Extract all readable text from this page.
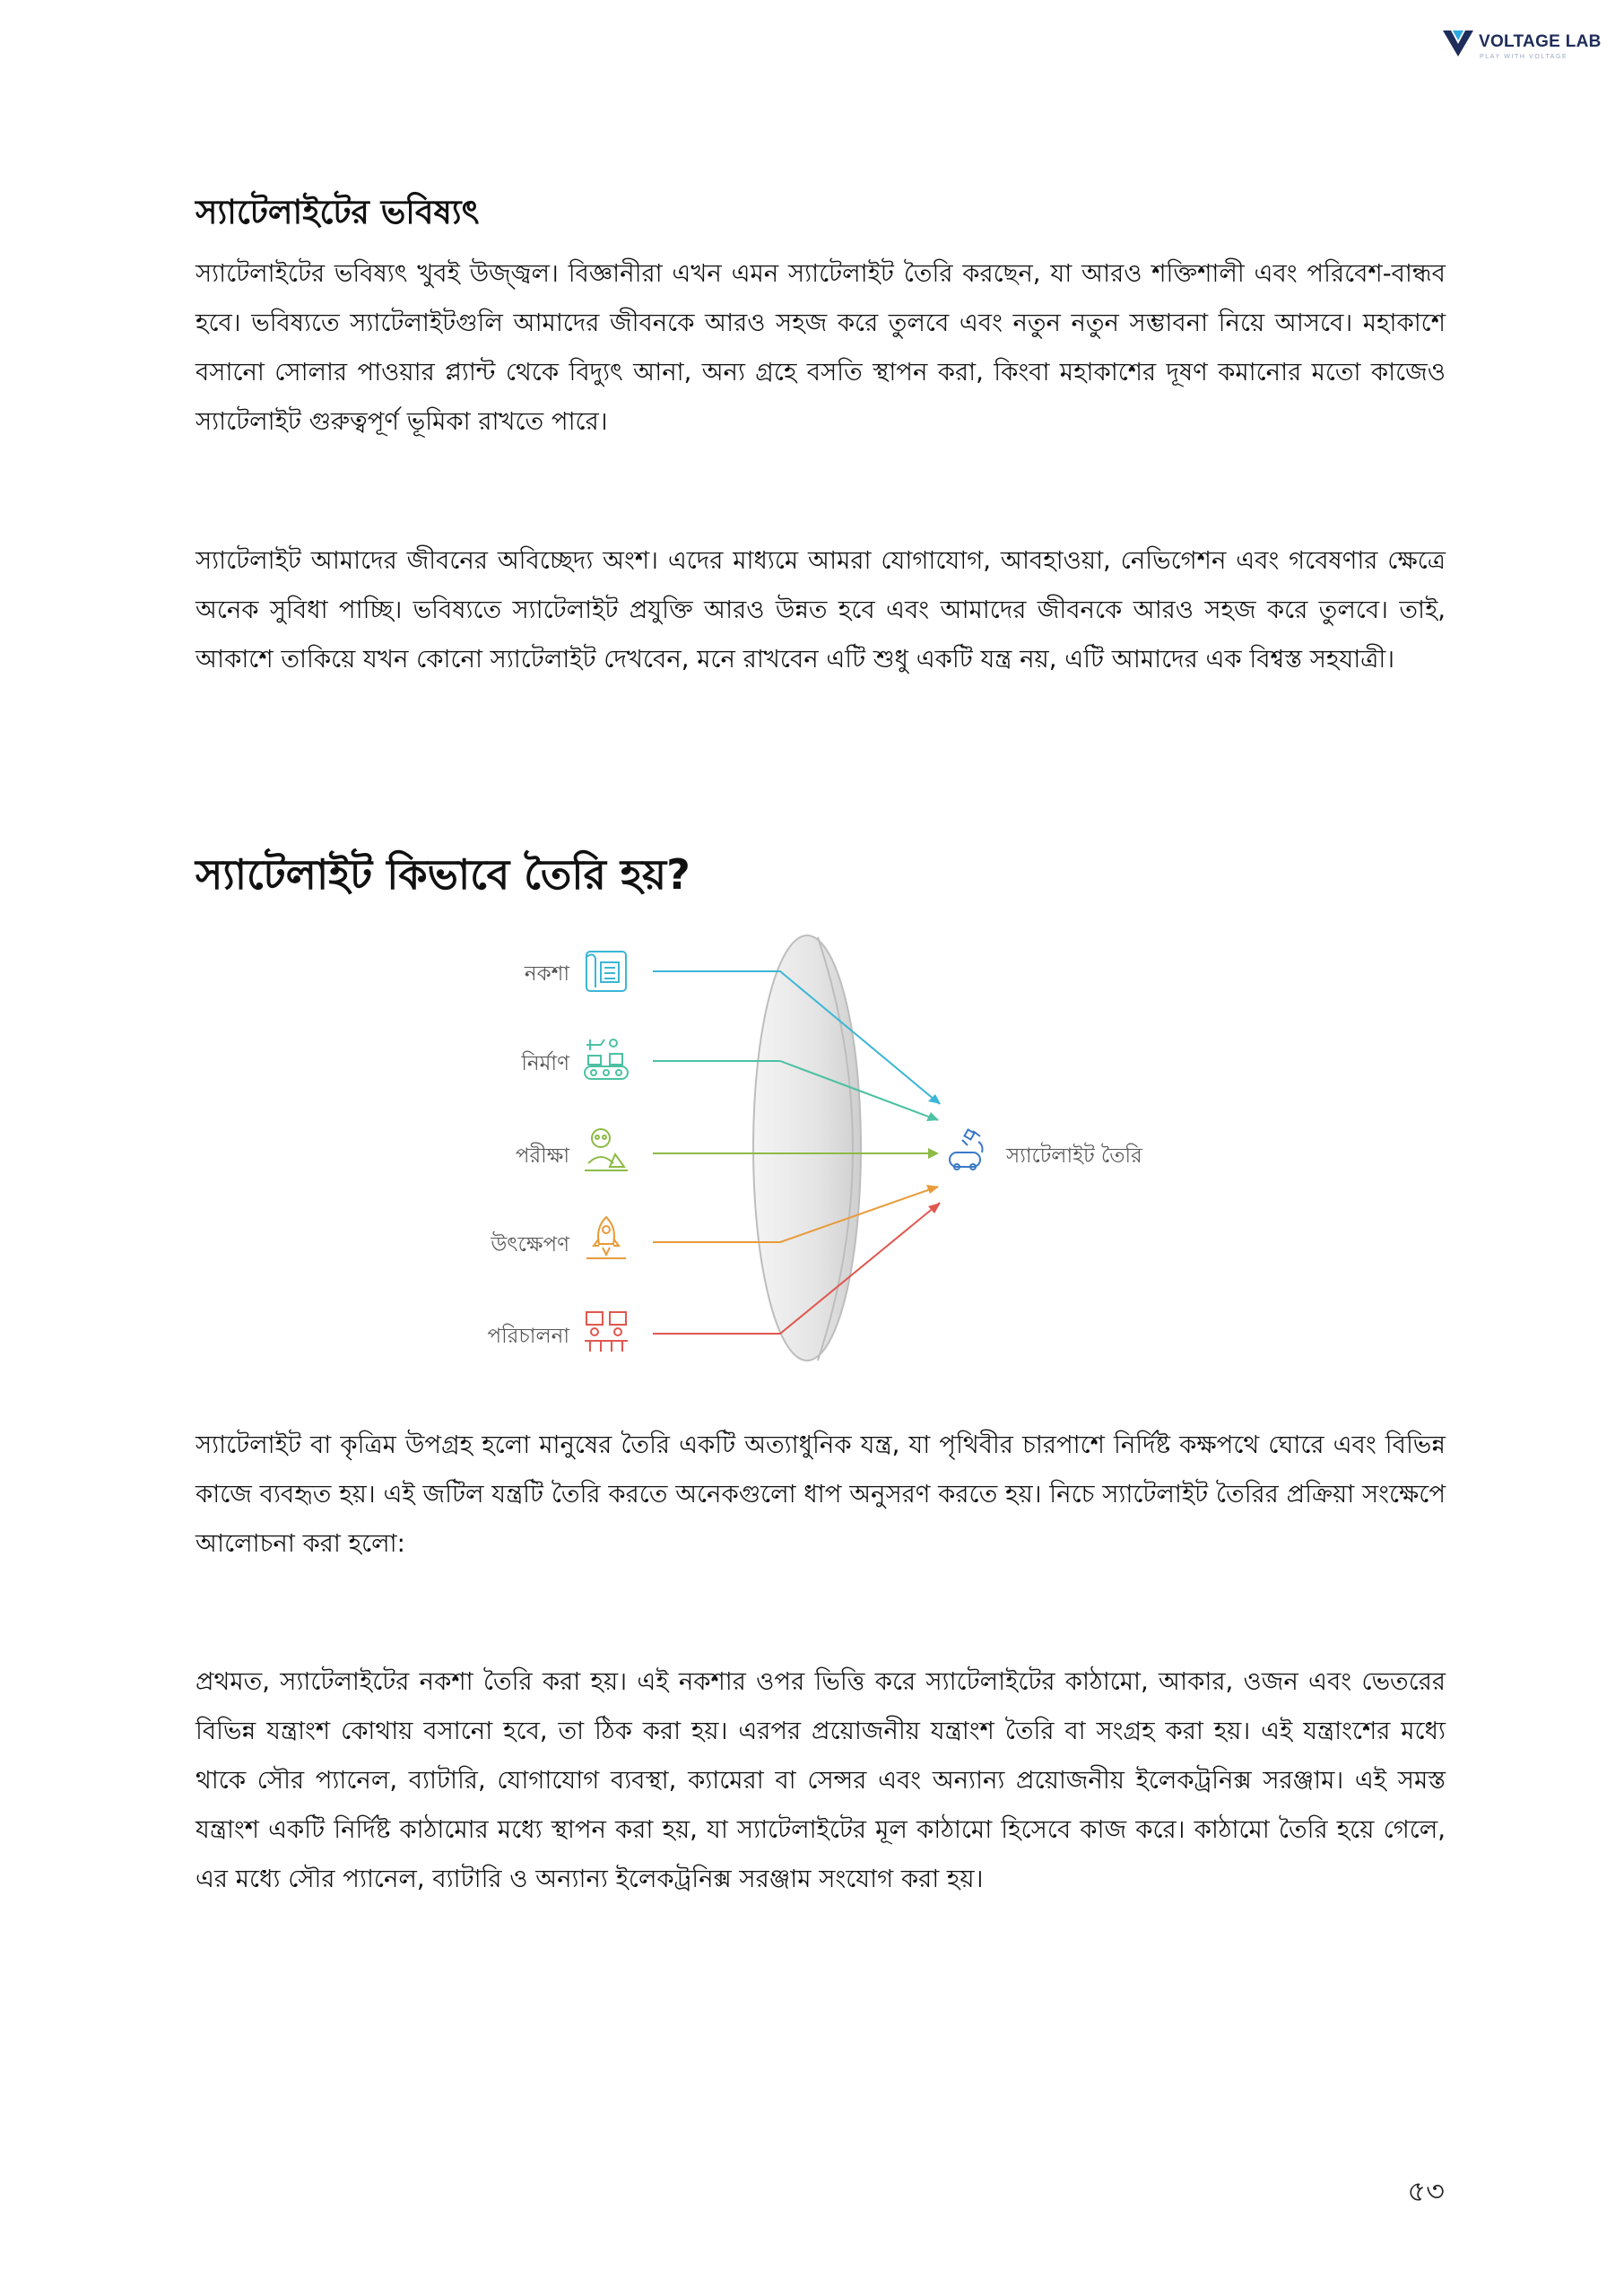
VOLTAGE LAB
PLAY WITH VOLTAGE
স্যাটেলাইটের ভবিষ্যৎ

স্যাটেলাইটের ভবিষ্যৎ খুবই উজ্জ্বল। বিজ্ঞানীরা এখন এমন স্যাটেলাইট তৈরি করছেন, যা আরও শক্তিশালী এবং পরিবেশ-বান্ধব হবে। ভবিষ্যতে স্যাটেলাইটগুলি আমাদের জীবনকে আরও সহজ করে তুলবে এবং নতুন নতুন সম্ভাবনা নিয়ে আসবে। মহাকাশে বসানো সোলার পাওয়ার প্ল্যান্ট থেকে বিদ্যুৎ আনা, অন্য গ্রহে বসতি স্থাপন করা, কিংবা মহাকাশের দূষণ কমানোর মতো কাজেও স্যাটেলাইট গুরুত্বপূর্ণ ভূমিকা রাখতে পারে।

স্যাটেলাইট আমাদের জীবনের অবিচ্ছেদ্য অংশ। এদের মাধ্যমে আমরা যোগাযোগ, আবহাওয়া, নেভিগেশন এবং গবেষণার ক্ষেত্রে অনেক সুবিধা পাচ্ছি। ভবিষ্যতে স্যাটেলাইট প্রযুক্তি আরও উন্নত হবে এবং আমাদের জীবনকে আরও সহজ করে তুলবে। তাই, আকাশে তাকিয়ে যখন কোনো স্যাটেলাইট দেখবেন, মনে রাখবেন এটি শুধু একটি যন্ত্র নয়, এটি আমাদের এক বিশ্বস্ত সহযাত্রী।

স্যাটেলাইট কিভাবে তৈরি হয়?
নকশা
নির্মাণ
পরীক্ষা
উৎক্ষেপণ
পরিচালনা
স্যাটেলাইট তৈরি

স্যাটেলাইট বা কৃত্রিম উপগ্রহ হলো মানুষের তৈরি একটি অত্যাধুনিক যন্ত্র, যা পৃথিবীর চারপাশে নির্দিষ্ট কক্ষপথে ঘোরে এবং বিভিন্ন কাজে ব্যবহৃত হয়। এই জটিল যন্ত্রটি তৈরি করতে অনেকগুলো ধাপ অনুসরণ করতে হয়। নিচে স্যাটেলাইট তৈরির প্রক্রিয়া সংক্ষেপে আলোচনা করা হলো:

প্রথমত, স্যাটেলাইটের নকশা তৈরি করা হয়। এই নকশার ওপর ভিত্তি করে স্যাটেলাইটের কাঠামো, আকার, ওজন এবং ভেতরের বিভিন্ন যন্ত্রাংশ কোথায় বসানো হবে, তা ঠিক করা হয়। এরপর প্রয়োজনীয় যন্ত্রাংশ তৈরি বা সংগ্রহ করা হয়। এই যন্ত্রাংশের মধ্যে থাকে সৌর প্যানেল, ব্যাটারি, যোগাযোগ ব্যবস্থা, ক্যামেরা বা সেন্সর এবং অন্যান্য প্রয়োজনীয় ইলেকট্রনিক্স সরঞ্জাম। এই সমস্ত যন্ত্রাংশ একটি নির্দিষ্ট কাঠামোর মধ্যে স্থাপন করা হয়, যা স্যাটেলাইটের মূল কাঠামো হিসেবে কাজ করে। কাঠামো তৈরি হয়ে গেলে, এর মধ্যে সৌর প্যানেল, ব্যাটারি ও অন্যান্য ইলেকট্রনিক্স সরঞ্জাম সংযোগ করা হয়।

৫৩
